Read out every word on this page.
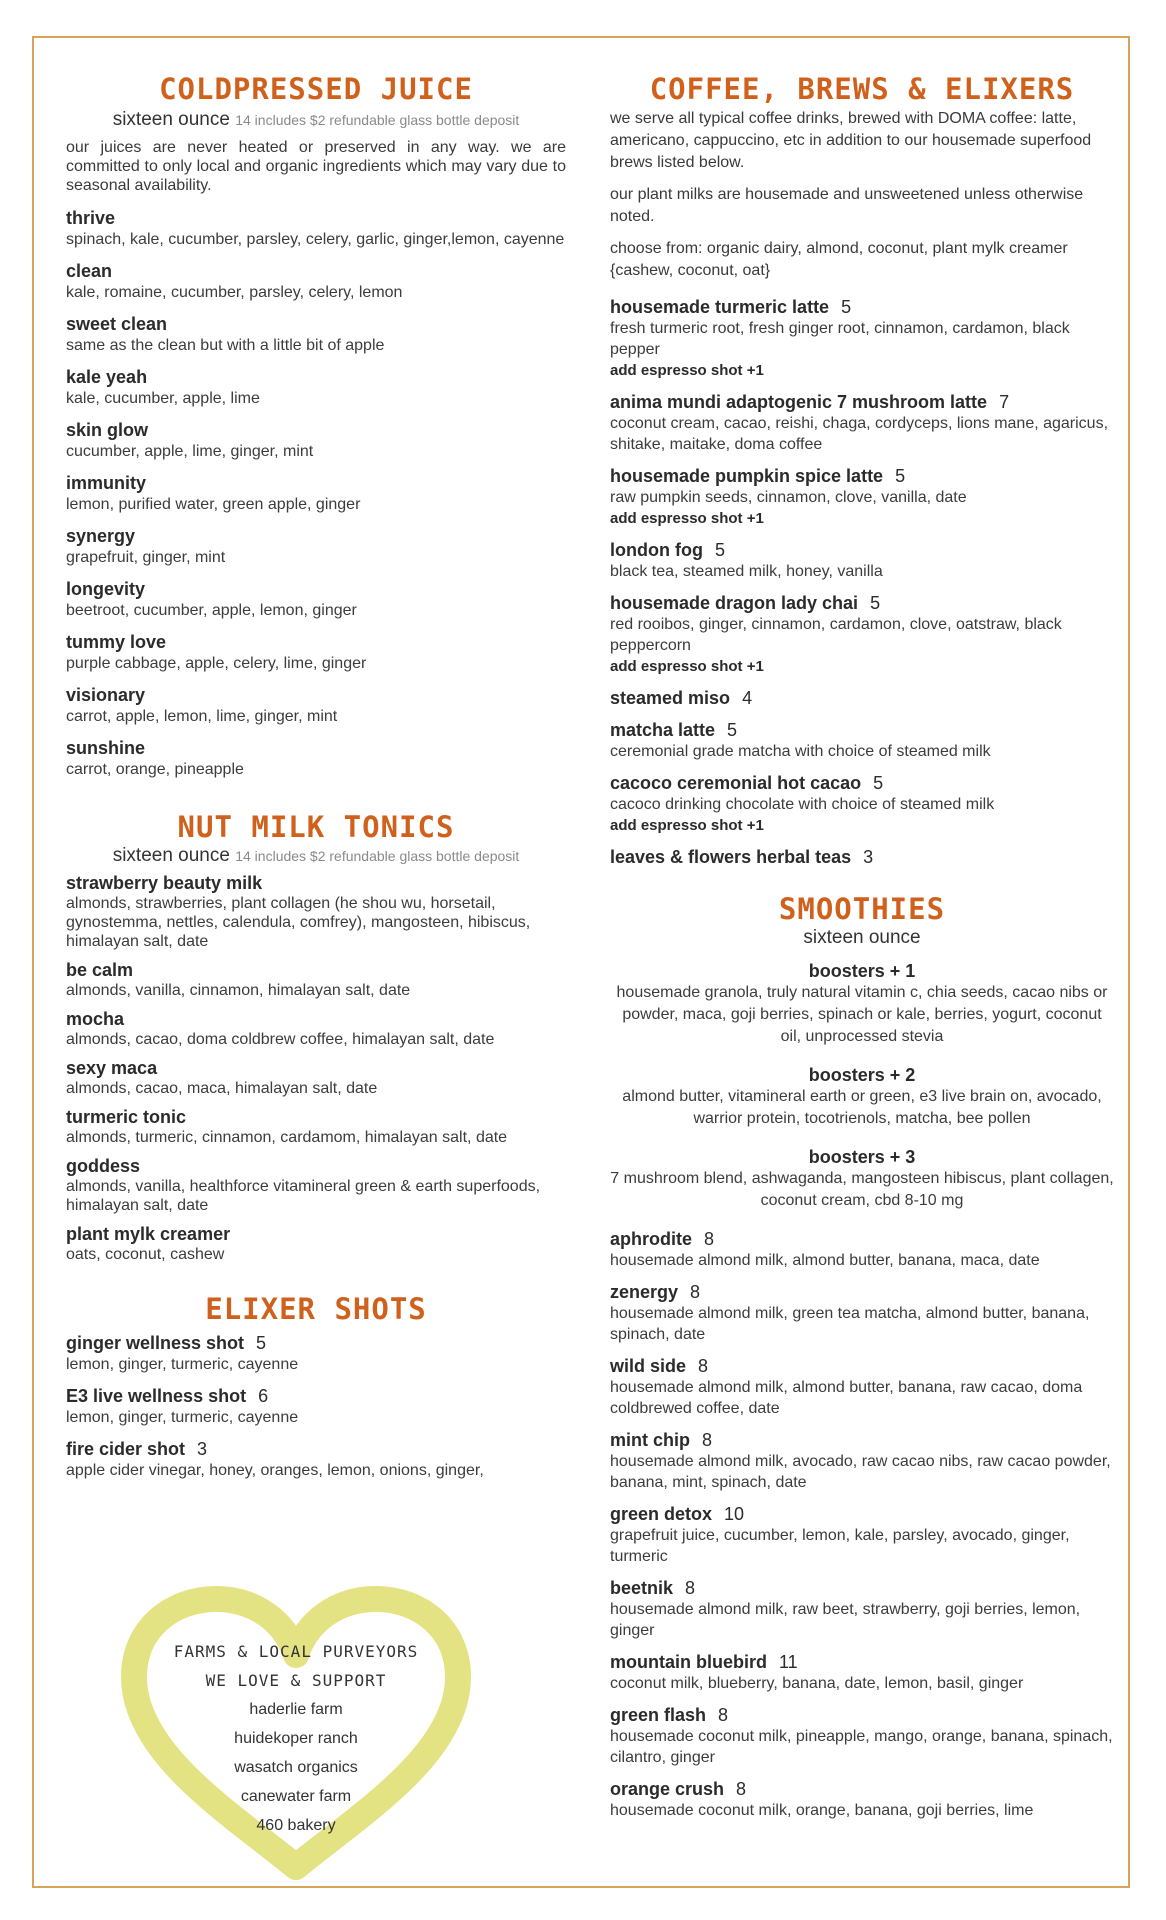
COLDPRESSED JUICE
sixteen ounce 14 includes $2 refundable glass bottle deposit
our juices are never heated or preserved in any way. we are committed to only local and organic ingredients which may vary due to seasonal availability.
thrive
spinach, kale, cucumber, parsley, celery, garlic, ginger,lemon, cayenne
clean
kale, romaine, cucumber, parsley, celery, lemon
sweet clean
same as the clean but with a little bit of apple
kale yeah
kale, cucumber, apple, lime
skin glow
cucumber, apple, lime, ginger, mint
immunity
lemon, purified water, green apple, ginger
synergy
grapefruit, ginger, mint
longevity
beetroot, cucumber, apple, lemon, ginger
tummy love
purple cabbage, apple, celery, lime, ginger
visionary
carrot, apple, lemon, lime, ginger, mint
sunshine
carrot, orange, pineapple
NUT MILK TONICS
sixteen ounce 14 includes $2 refundable glass bottle deposit
strawberry beauty milk
almonds, strawberries, plant collagen (he shou wu, horsetail, gynostemma, nettles, calendula, comfrey), mangosteen, hibiscus, himalayan salt, date
be calm
almonds, vanilla, cinnamon, himalayan salt, date
mocha
almonds, cacao, doma coldbrew coffee, himalayan salt, date
sexy maca
almonds, cacao, maca, himalayan salt, date
turmeric tonic
almonds, turmeric, cinnamon, cardamom, himalayan salt, date
goddess
almonds, vanilla, healthforce vitamineral green & earth superfoods, himalayan salt, date
plant mylk creamer
oats, coconut, cashew
ELIXER SHOTS
ginger wellness shot 5
lemon, ginger, turmeric, cayenne
E3 live wellness shot 6
lemon, ginger, turmeric, cayenne
fire cider shot 3
apple cider vinegar, honey, oranges, lemon, onions, ginger,
FARMS & LOCAL PURVEYORS
WE LOVE & SUPPORT
haderlie farm
huidekoper ranch
wasatch organics
canewater farm
460 bakery
COFFEE, BREWS & ELIXERS
we serve all typical coffee drinks, brewed with DOMA coffee: latte, americano, cappuccino, etc in addition to our housemade superfood brews listed below.
our plant milks are housemade and unsweetened unless otherwise noted.
choose from: organic dairy, almond, coconut, plant mylk creamer {cashew, coconut, oat}
housemade turmeric latte 5
fresh turmeric root, fresh ginger root, cinnamon, cardamon, black pepper
add espresso shot +1
anima mundi adaptogenic 7 mushroom latte 7
coconut cream, cacao, reishi, chaga, cordyceps, lions mane, agaricus, shitake, maitake, doma coffee
housemade pumpkin spice latte 5
raw pumpkin seeds, cinnamon, clove, vanilla, date
add espresso shot +1
london fog 5
black tea, steamed milk, honey, vanilla
housemade dragon lady chai 5
red rooibos, ginger, cinnamon, cardamon, clove, oatstraw, black peppercorn
add espresso shot +1
steamed miso 4
matcha latte 5
ceremonial grade matcha with choice of steamed milk
cacoco ceremonial hot cacao 5
cacoco drinking chocolate with choice of steamed milk
add espresso shot +1
leaves & flowers herbal teas 3
SMOOTHIES
sixteen ounce
boosters + 1
housemade granola, truly natural vitamin c, chia seeds, cacao nibs or powder, maca, goji berries, spinach or kale, berries, yogurt, coconut oil, unprocessed stevia
boosters + 2
almond butter, vitamineral earth or green, e3 live brain on, avocado, warrior protein, tocotrienols, matcha, bee pollen
boosters + 3
7 mushroom blend, ashwaganda, mangosteen hibiscus, plant collagen, coconut cream, cbd 8-10 mg
aphrodite 8
housemade almond milk, almond butter, banana, maca, date
zenergy 8
housemade almond milk, green tea matcha, almond butter, banana, spinach, date
wild side 8
housemade almond milk, almond butter, banana, raw cacao, doma coldbrewed coffee, date
mint chip 8
housemade almond milk, avocado, raw cacao nibs, raw cacao powder, banana, mint, spinach, date
green detox 10
grapefruit juice, cucumber, lemon, kale, parsley, avocado, ginger, turmeric
beetnik 8
housemade almond milk, raw beet, strawberry, goji berries, lemon, ginger
mountain bluebird 11
coconut milk, blueberry, banana, date, lemon, basil, ginger
green flash 8
housemade coconut milk, pineapple, mango, orange, banana, spinach, cilantro, ginger
orange crush 8
housemade coconut milk, orange, banana, goji berries, lime
